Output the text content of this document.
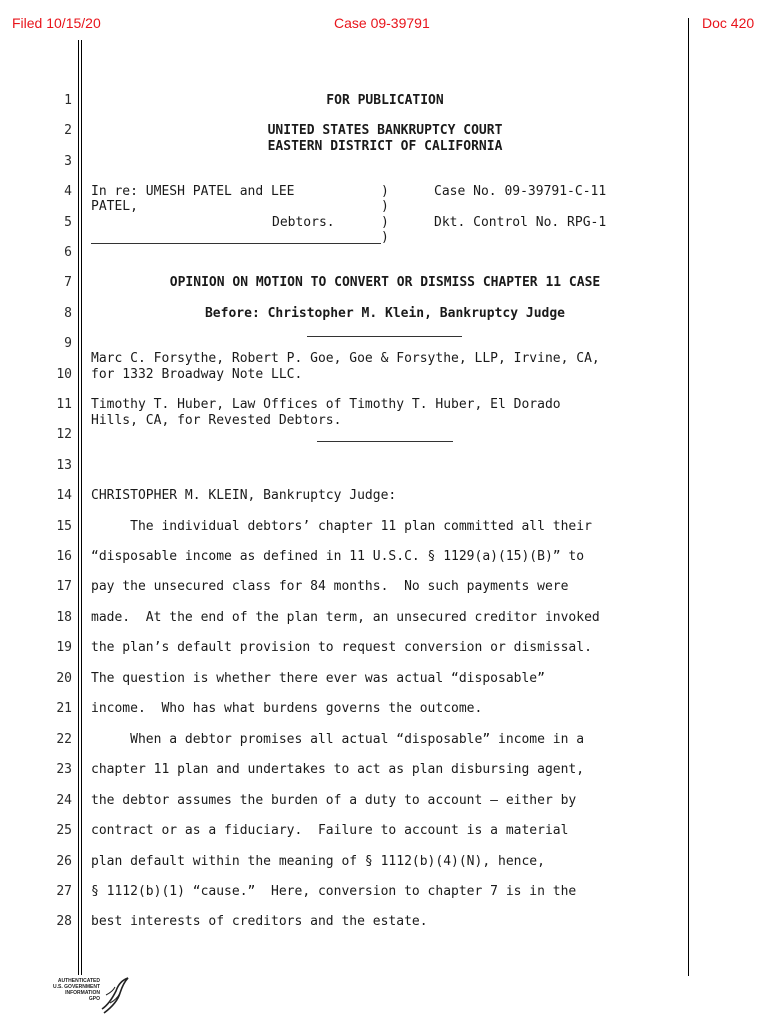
Filed 10/15/20	Case 09-39791	Doc 420
1
2
3
4
5
6
7
8
9
10
11
12
13
14
15
16
17
18
19
20
21
22
23
24
25
26
27
28
FOR PUBLICATION
UNITED STATES BANKRUPTCY COURT
EASTERN DISTRICT OF CALIFORNIA
In re: UMESH PATEL and LEE
PATEL,
Debtors.
)
)
)
)
Case No. 09-39791-C-11
Dkt. Control No. RPG-1
OPINION ON MOTION TO CONVERT OR DISMISS CHAPTER 11 CASE
Before: Christopher M. Klein, Bankruptcy Judge
Marc C. Forsythe, Robert P. Goe, Goe & Forsythe, LLP, Irvine, CA,
for 1332 Broadway Note LLC.
Timothy T. Huber, Law Offices of Timothy T. Huber, El Dorado
Hills, CA, for Revested Debtors.
CHRISTOPHER M. KLEIN, Bankruptcy Judge:
The individual debtors’ chapter 11 plan committed all their
“disposable income as defined in 11 U.S.C. § 1129(a)(15)(B)” to
pay the unsecured class for 84 months.  No such payments were
made.  At the end of the plan term, an unsecured creditor invoked
the plan’s default provision to request conversion or dismissal.
The question is whether there ever was actual “disposable”
income.  Who has what burdens governs the outcome.
When a debtor promises all actual “disposable” income in a
chapter 11 plan and undertakes to act as plan disbursing agent,
the debtor assumes the burden of a duty to account — either by
contract or as a fiduciary.  Failure to account is a material
plan default within the meaning of § 1112(b)(4)(N), hence,
§ 1112(b)(1) “cause.”  Here, conversion to chapter 7 is in the
best interests of creditors and the estate.
AUTHENTICATED
U.S. GOVERNMENT
INFORMATION
GPO
